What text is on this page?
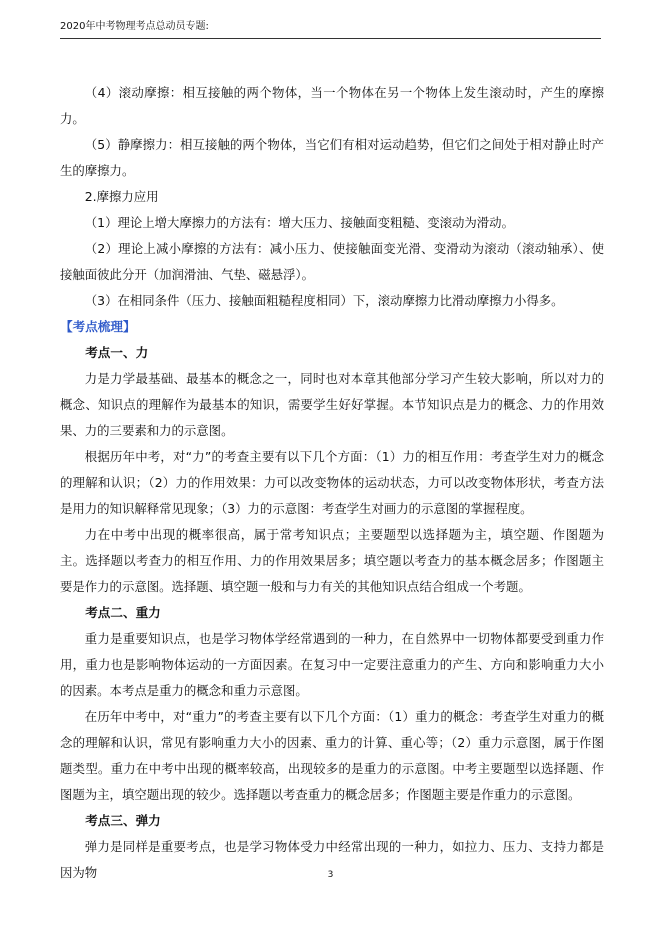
2020年中考物理考点总动员专题:

（4）滚动摩擦：相互接触的两个物体，当一个物体在另一个物体上发生滚动时，产生的摩擦力。

（5）静摩擦力：相互接触的两个物体，当它们有相对运动趋势，但它们之间处于相对静止时产生的摩擦力。

2.摩擦力应用

（1）理论上增大摩擦力的方法有：增大压力、接触面变粗糙、变滚动为滑动。

（2）理论上减小摩擦的方法有：减小压力、使接触面变光滑、变滑动为滚动（滚动轴承）、使接触面彼此分开（加润滑油、气垫、磁悬浮）。

（3）在相同条件（压力、接触面粗糙程度相同）下，滚动摩擦力比滑动摩擦力小得多。

【考点梳理】
考点一、力

力是力学最基础、最基本的概念之一，同时也对本章其他部分学习产生较大影响，所以对力的概念、知识点的理解作为最基本的知识，需要学生好好掌握。本节知识点是力的概念、力的作用效果、力的三要素和力的示意图。

根据历年中考，对“力”的考查主要有以下几个方面：（1）力的相互作用：考查学生对力的概念的理解和认识；（2）力的作用效果：力可以改变物体的运动状态，力可以改变物体形状，考查方法是用力的知识解释常见现象；（3）力的示意图：考查学生对画力的示意图的掌握程度。

力在中考中出现的概率很高，属于常考知识点；主要题型以选择题为主，填空题、作图题为主。选择题以考查力的相互作用、力的作用效果居多；填空题以考查力的基本概念居多；作图题主要是作力的示意图。选择题、填空题一般和与力有关的其他知识点结合组成一个考题。

考点二、重力

重力是重要知识点，也是学习物体学经常遇到的一种力，在自然界中一切物体都要受到重力作用，重力也是影响物体运动的一方面因素。在复习中一定要注意重力的产生、方向和影响重力大小的因素。本考点是重力的概念和重力示意图。

在历年中考中，对“重力”的考查主要有以下几个方面：（1）重力的概念：考查学生对重力的概念的理解和认识，常见有影响重力大小的因素、重力的计算、重心等；（2）重力示意图，属于作图题类型。重力在中考中出现的概率较高，出现较多的是重力的示意图。中考主要题型以选择题、作图题为主，填空题出现的较少。选择题以考查重力的概念居多；作图题主要是作重力的示意图。

考点三、弹力

弹力是同样是重要考点，也是学习物体受力中经常出现的一种力，如拉力、压力、支持力都是因为物	3
